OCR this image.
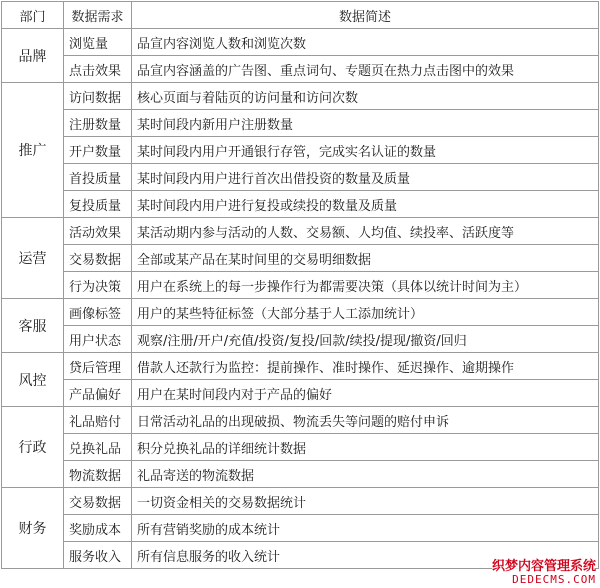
部门	数据需求	数据简述
品牌	浏览量	品宣内容浏览人数和浏览次数
	点击效果	品宣内容涵盖的广告图、重点词句、专题页在热力点击图中的效果
推广	访问数据	核心页面与着陆页的访问量和访问次数
	注册数量	某时间段内新用户注册数量
	开户数量	某时间段内用户开通银行存管，完成实名认证的数量
	首投质量	某时间段内用户进行首次出借投资的数量及质量
	复投质量	某时间段内用户进行复投或续投的数量及质量
运营	活动效果	某活动期内参与活动的人数、交易额、人均值、续投率、活跃度等
	交易数据	全部或某产品在某时间里的交易明细数据
	行为决策	用户在系统上的每一步操作行为都需要决策（具体以统计时间为主）
客服	画像标签	用户的某些特征标签（大部分基于人工添加统计）
	用户状态	观察/注册/开户/充值/投资/复投/回款/续投/提现/撤资/回归
风控	贷后管理	借款人还款行为监控：提前操作、准时操作、延迟操作、逾期操作
	产品偏好	用户在某时间段内对于产品的偏好
行政	礼品赔付	日常活动礼品的出现破损、物流丢失等问题的赔付申诉
	兑换礼品	积分兑换礼品的详细统计数据
	物流数据	礼品寄送的物流数据
财务	交易数据	一切资金相关的交易数据统计
	奖励成本	所有营销奖励的成本统计
	服务收入	所有信息服务的收入统计
织梦内容管理系统
DEDECMS.COM
